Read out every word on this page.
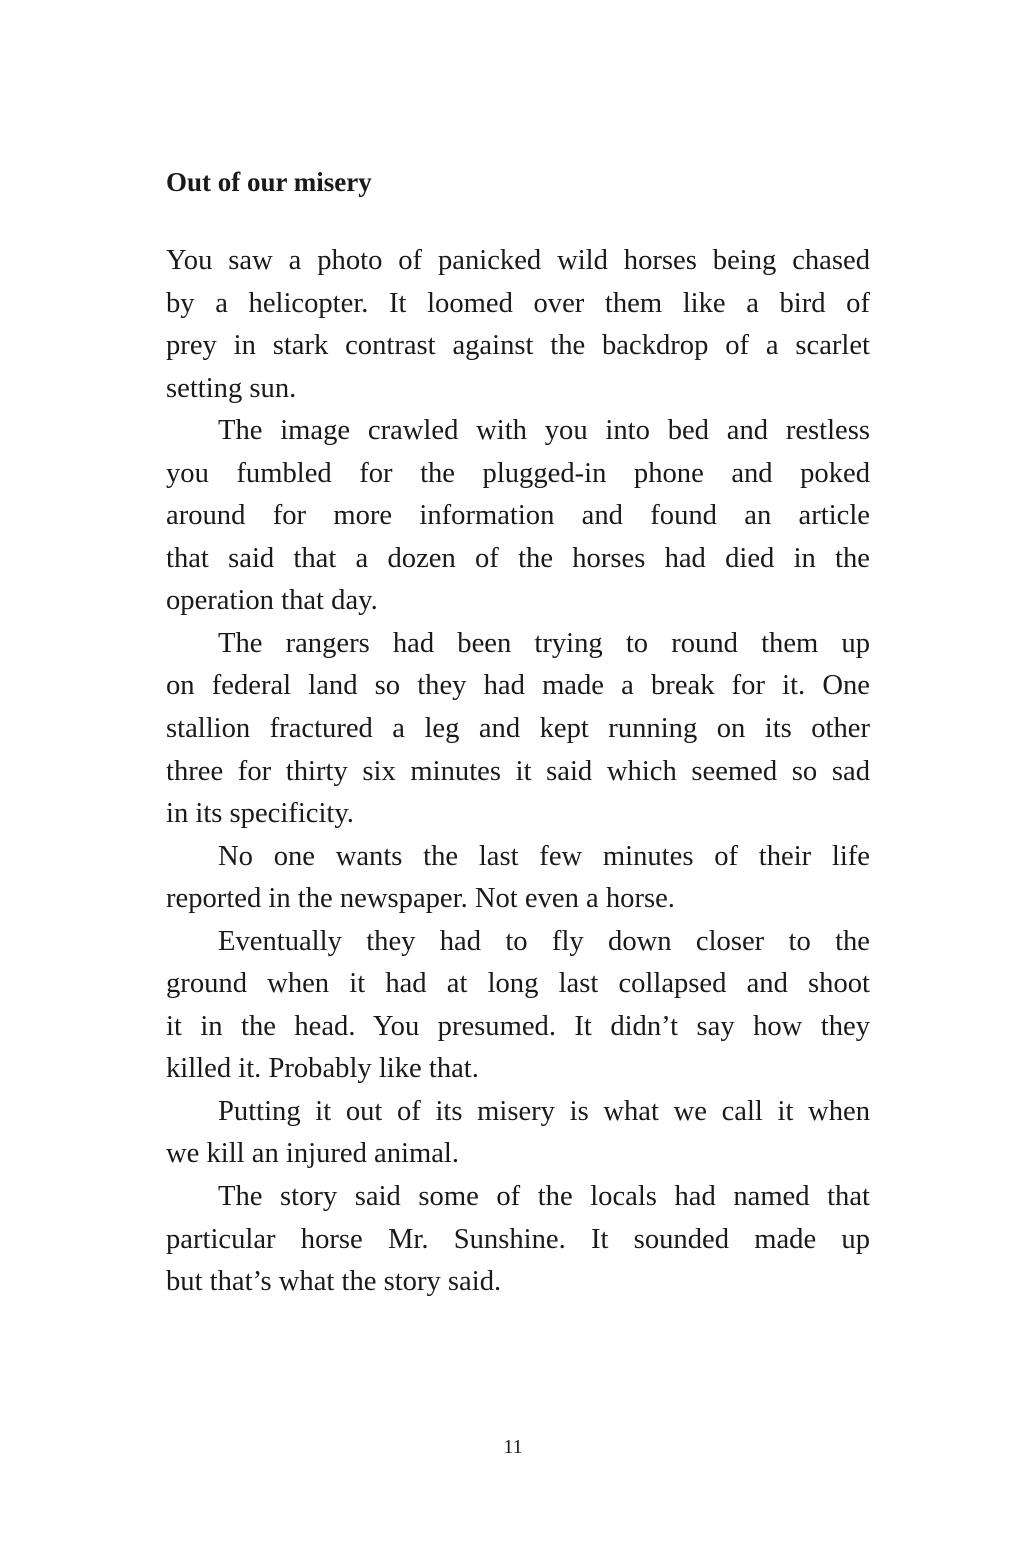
Out of our misery
You saw a photo of panicked wild horses being chased
by a helicopter. It loomed over them like a bird of
prey in stark contrast against the backdrop of a scarlet
setting sun.
The image crawled with you into bed and restless
you fumbled for the plugged-in phone and poked
around for more information and found an article
that said that a dozen of the horses had died in the
operation that day.
The rangers had been trying to round them up
on federal land so they had made a break for it. One
stallion fractured a leg and kept running on its other
three for thirty six minutes it said which seemed so sad
in its specificity.
No one wants the last few minutes of their life
reported in the newspaper. Not even a horse.
Eventually they had to fly down closer to the
ground when it had at long last collapsed and shoot
it in the head. You presumed. It didn’t say how they
killed it. Probably like that.
Putting it out of its misery is what we call it when
we kill an injured animal.
The story said some of the locals had named that
particular horse Mr. Sunshine. It sounded made up
but that’s what the story said.
11
